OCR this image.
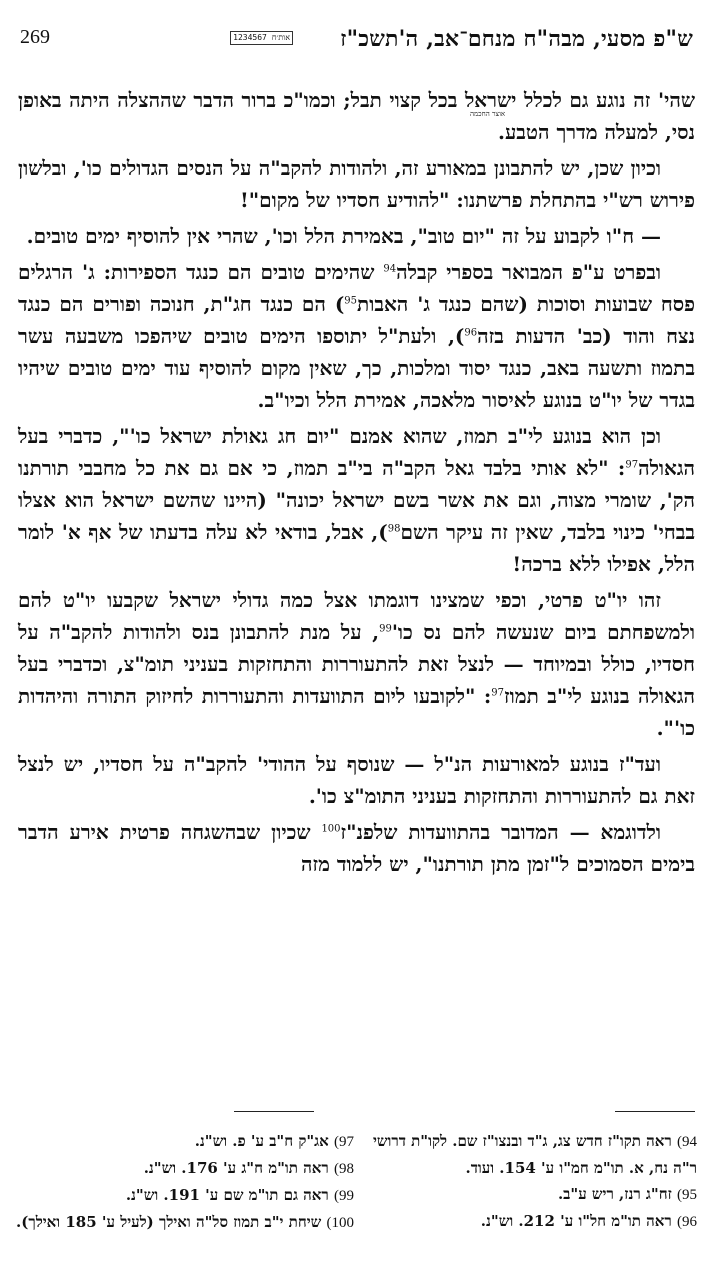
ש"פ מסעי, מבה"ח מנחם־אב, ה'תשכ"ז
אות׳ח 1234567
269

שהי' זה נוגע גם לכלל ישראל בכל קצוי תבל; וכמו"כ ברור הדבר שההצלה היתה באופן נסי, למעלה מדרך הטבע.

וכיון שכן, יש להתבונן במאורע זה, ולהודות להקב"ה על הנסים הגדולים כו', ובלשון פירוש רש"י בהתחלת פרשתנו: "להודיע חסדיו של מקום"!

— ח"ו לקבוע על זה "יום טוב", באמירת הלל וכו', שהרי אין להוסיף ימים טובים.

ובפרט ע"פ המבואר בספרי קבלה$^{94}$ שהימים טובים הם כנגד הספירות: ג' הרגלים פסח שבועות וסוכות (שהם כנגד ג' האבות$^{95}$) הם כנגד חג"ת, חנוכה ופורים הם כנגד נצח והוד (כב' הדעות בזה$^{96}$), ולעת"ל יתוספו הימים טובים שיהפכו משבעה עשר בתמוז ותשעה באב, כנגד יסוד ומלכות, כך, שאין מקום להוסיף עוד ימים טובים שיהיו בגדר של יו"ט בנוגע לאיסור מלאכה, אמירת הלל וכיו"ב.

וכן הוא בנוגע לי"ב תמוז, שהוא אמנם "יום חג גאולת ישראל כו'", כדברי בעל הגאולה$^{97}$: "לא אותי בלבד גאל הקב"ה בי"ב תמוז, כי אם גם את כל מחבבי תורתנו הק', שומרי מצוה, וגם את אשר בשם ישראל יכונה" (היינו שהשם ישראל הוא אצלו בבחי' כינוי בלבד, שאין זה עיקר השם$^{98}$), אבל, בודאי לא עלה בדעתו של אף א' לומר הלל, אפילו ללא ברכה!

זהו יו"ט פרטי, וכפי שמצינו דוגמתו אצל כמה גדולי ישראל שקבעו יו"ט להם ולמשפחתם ביום שנעשה להם נס כו'$^{99}$, על מנת להתבונן בנס ולהודות להקב"ה על חסדיו, כולל ובמיוחד — לנצל זאת להתעוררות והתחזקות בעניני תומ"צ, וכדברי בעל הגאולה בנוגע לי"ב תמוז$^{97}$: "לקובעו ליום התוועדות והתעוררות לחיזוק התורה והיהדות כו'".

ועד"ז בנוגע למאורעות הנ"ל — שנוסף על ההודי' להקב"ה על חסדיו, יש לנצל זאת גם להתעוררות והתחזקות בעניני התומ"צ כו'.

ולדוגמא — המדובר בהתוועדות שלפנ"ז$^{100}$ שכיון שבהשגחה פרטית אירע הדבר בימים הסמוכים ל"זמן מתן תורתנו", יש ללמוד מזה

אוצר החכמה

94) ראה תקו"ז חדש צג, ג"ד ובנצו"ז שם. לקו"ת דרושי ר"ה נח, א. תו"מ חמ"ו ע' 154. ועוד.

95) זח"ג רנז, ריש ע"ב.

96) ראה תו"מ חל"ו ע' 212. וש"נ.

97) אג"ק ח"ב ע' פ. וש"נ.

98) ראה תו"מ ח"ג ע' 176. וש"נ.

99) ראה גם תו"מ שם ע' 191. וש"נ.

100) שיחת י"ב תמוז סל"ה ואילך (לעיל ע' 185 ואילך).
